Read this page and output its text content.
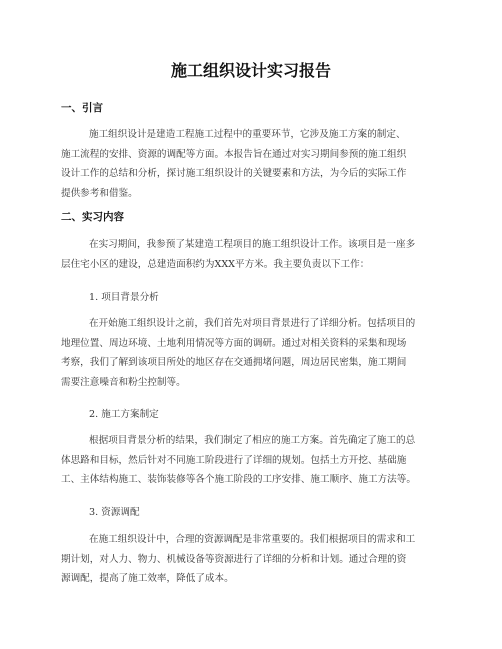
施工组织设计实习报告
一、引言

施工组织设计是建造工程施工过程中的重要环节，它涉及施工方案的制定、
施工流程的安排、资源的调配等方面。本报告旨在通过对实习期间参预的施工组织
设计工作的总结和分析，探讨施工组织设计的关键要素和方法，为今后的实际工作
提供参考和借鉴。

二、实习内容

在实习期间，我参预了某建造工程项目的施工组织设计工作。该项目是一座多
层住宅小区的建设，总建造面积约为XXX平方米。我主要负责以下工作：

1. 项目背景分析

在开始施工组织设计之前，我们首先对项目背景进行了详细分析。包括项目的
地理位置、周边环境、土地利用情况等方面的调研。通过对相关资料的采集和现场
考察，我们了解到该项目所处的地区存在交通拥堵问题，周边居民密集，施工期间
需要注意噪音和粉尘控制等。

2. 施工方案制定

根据项目背景分析的结果，我们制定了相应的施工方案。首先确定了施工的总
体思路和目标，然后针对不同施工阶段进行了详细的规划。包括土方开挖、基础施
工、主体结构施工、装饰装修等各个施工阶段的工序安排、施工顺序、施工方法等。

3. 资源调配

在施工组织设计中，合理的资源调配是非常重要的。我们根据项目的需求和工
期计划，对人力、物力、机械设备等资源进行了详细的分析和计划。通过合理的资
源调配，提高了施工效率，降低了成本。
